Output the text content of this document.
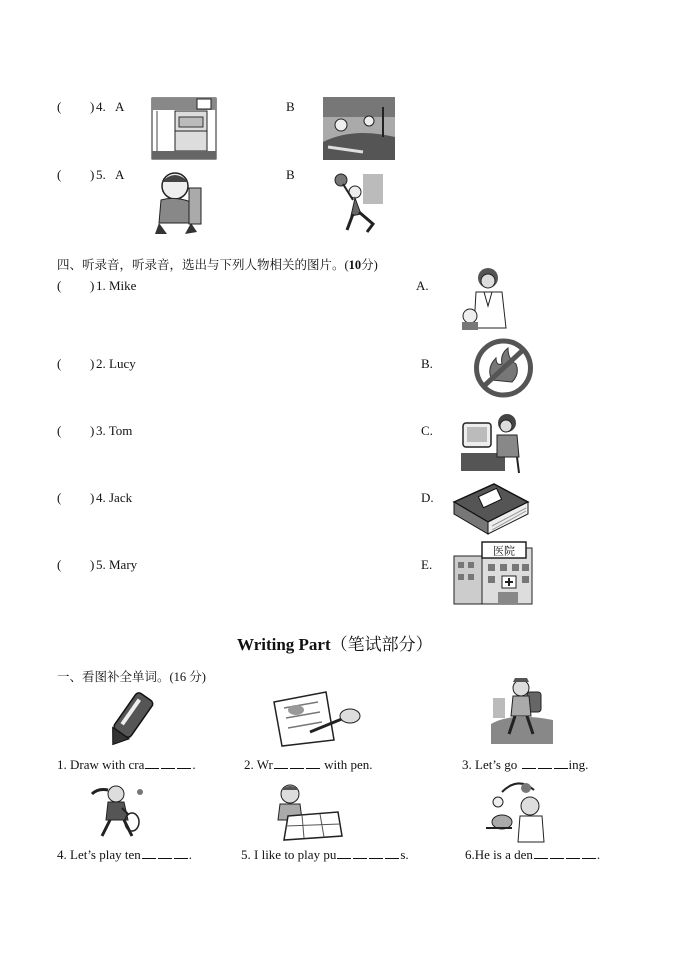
( ) 4. A	B
( ) 5. A	B
四、听录音，听录音，选出与下列人物相关的图片。(10分)
( ) 1. Mike	A.
( ) 2. Lucy	B.
( ) 3. Tom	C.
( ) 4. Jack	D.
( ) 5. Mary	E.
医院
Writing Part（笔试部分）
一、看图补全单词。(16 分)
1. Draw with cra	.	2. Wr	with pen.	3. Let’s go	ing.
4. Let’s play ten	.	5. I like to play pu	s.	6.He is a den	.
